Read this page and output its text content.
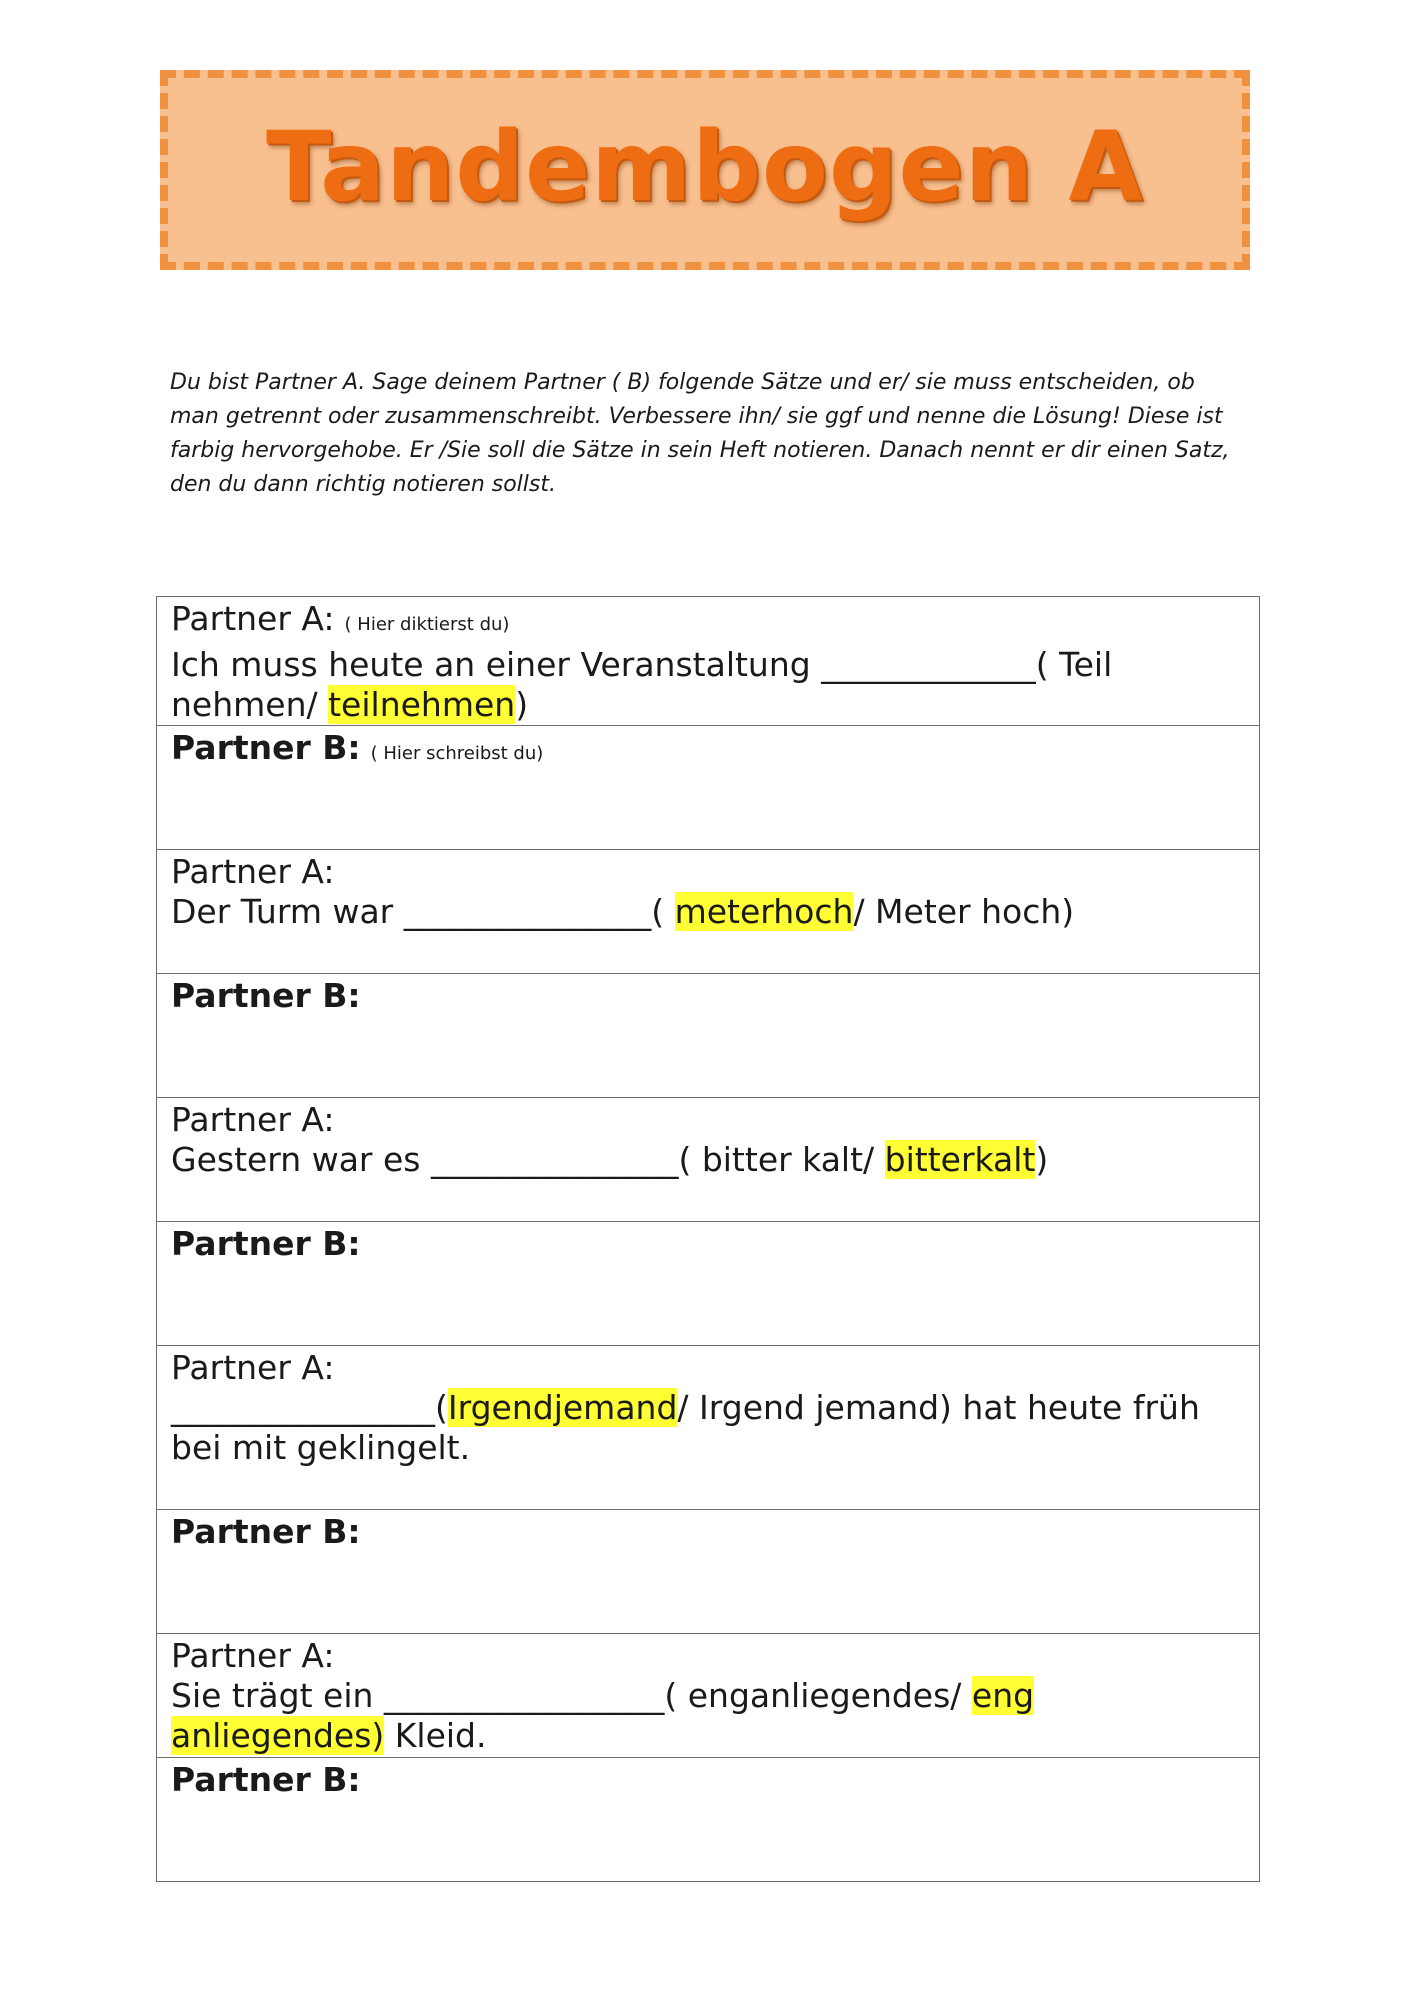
Tandembogen A

Du bist Partner A. Sage deinem Partner ( B) folgende Sätze und er/ sie muss entscheiden, ob man getrennt oder zusammenschreibt. Verbessere ihn/ sie ggf und nenne die Lösung! Diese ist farbig hervorgehobe. Er /Sie soll die Sätze in sein Heft notieren. Danach nennt er dir einen Satz, den du dann richtig notieren sollst.

Partner A: ( Hier diktierst du)
Ich muss heute an einer Veranstaltung _____________( Teil nehmen/ teilnehmen)

Partner B: ( Hier schreibst du)

Partner A:
Der Turm war _______________( meterhoch/ Meter hoch)

Partner B:

Partner A:
Gestern war es _______________( bitter kalt/ bitterkalt)

Partner B:

Partner A:
________________(Irgendjemand/ Irgend jemand) hat heute früh bei mit geklingelt.

Partner B:

Partner A:
Sie trägt ein _________________( enganliegendes/ eng anliegendes) Kleid.

Partner B:
